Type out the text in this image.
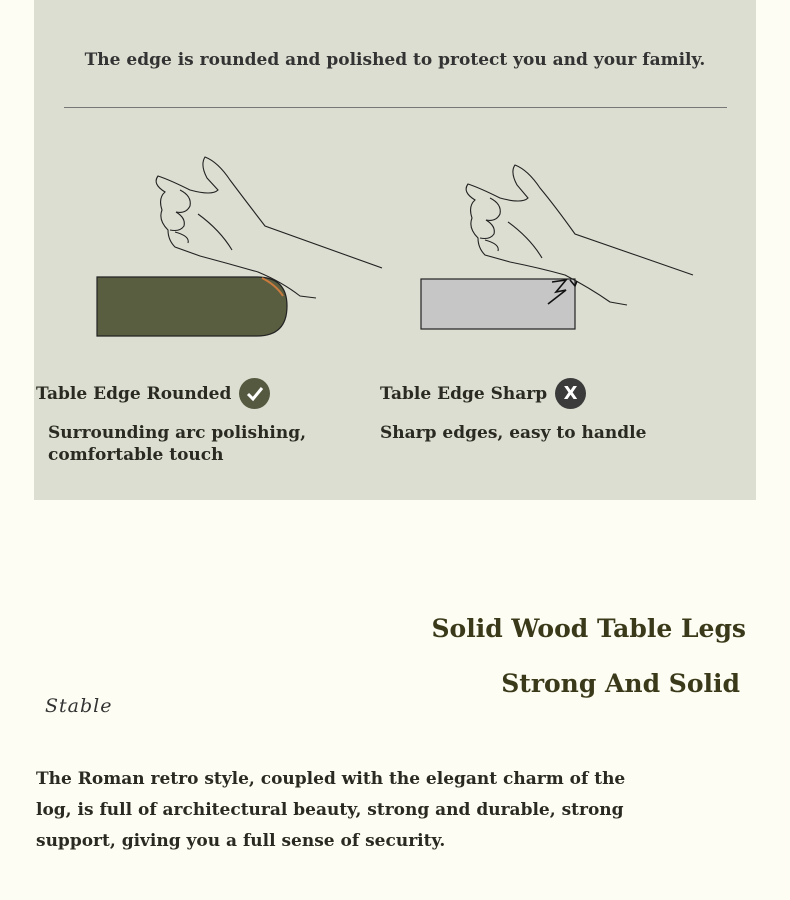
The edge is rounded and polished to protect you and your family.
Table Edge Rounded
Surrounding arc polishing,
comfortable touch
Table Edge Sharp X
Sharp edges, easy to handle
Solid Wood Table Legs
Strong And Solid
Stable
The Roman retro style, coupled with the elegant charm of the log, is full of architectural beauty, strong and durable, strong support, giving you a full sense of security.
